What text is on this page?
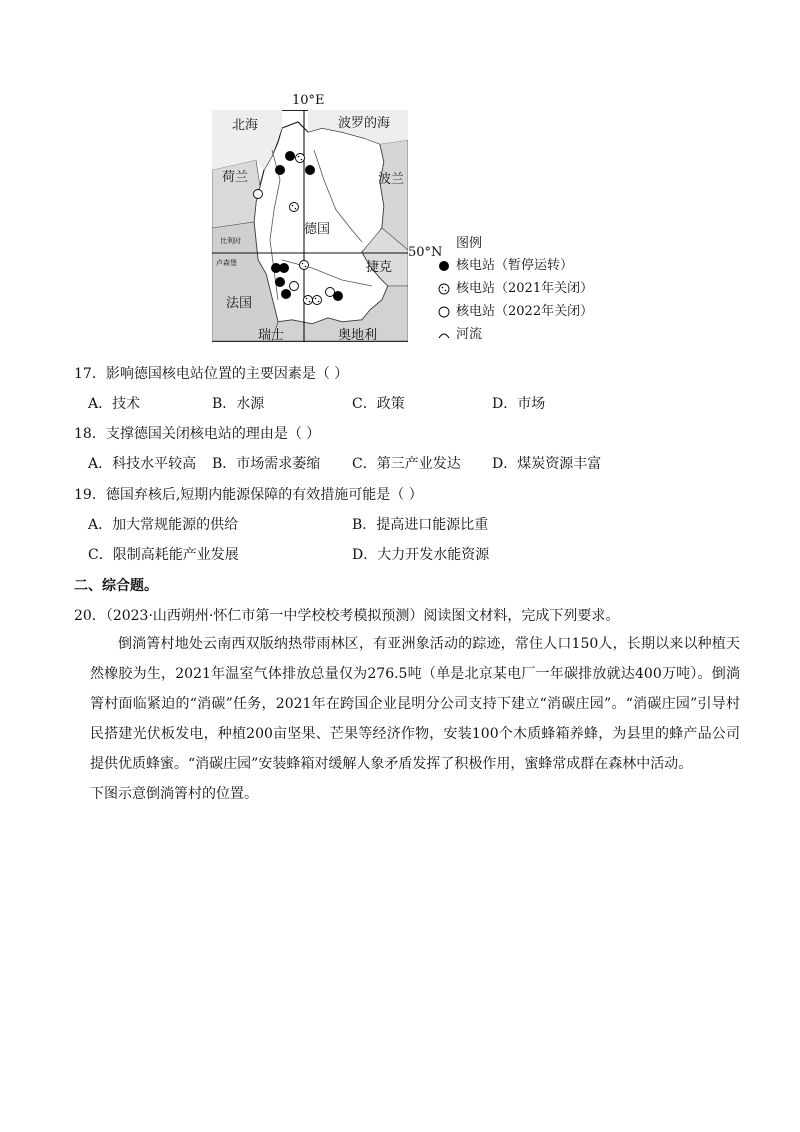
北海	波罗的海
荷兰	波兰
德国
比利时
卢森堡	捷克
法国
瑞士	奥地利
10°E
50°N
图例
核电站（暂停运转）
核电站（2021年关闭）
核电站（2022年关闭）
河流
17．影响德国核电站位置的主要因素是（ ）
A．技术	B．水源	C．政策	D．市场
18．支撑德国关闭核电站的理由是（ ）
A．科技水平较高 B．市场需求萎缩 C．第三产业发达 D．煤炭资源丰富
19．德国弃核后,短期内能源保障的有效措施可能是（ ）
A．加大常规能源的供给	B．提高进口能源比重
C．限制高耗能产业发展	D．大力开发水能资源
二、综合题。
20．（2023·山西朔州·怀仁市第一中学校校考模拟预测）阅读图文材料，完成下列要求。
倒淌箐村地处云南西双版纳热带雨林区，有亚洲象活动的踪迹，常住人口150人，长期以来以种植天然橡胶为生，2021年温室气体排放总量仅为276.5吨（单是北京某电厂一年碳排放就达400万吨）。倒淌箐村面临紧迫的“消碳”任务，2021年在跨国企业昆明分公司支持下建立“消碳庄园”。“消碳庄园”引导村民搭建光伏板发电，种植200亩坚果、芒果等经济作物，安装100个木质蜂箱养蜂，为县里的蜂产品公司提供优质蜂蜜。“消碳庄园”安装蜂箱对缓解人象矛盾发挥了积极作用，蜜蜂常成群在森林中活动。
下图示意倒淌箐村的位置。
